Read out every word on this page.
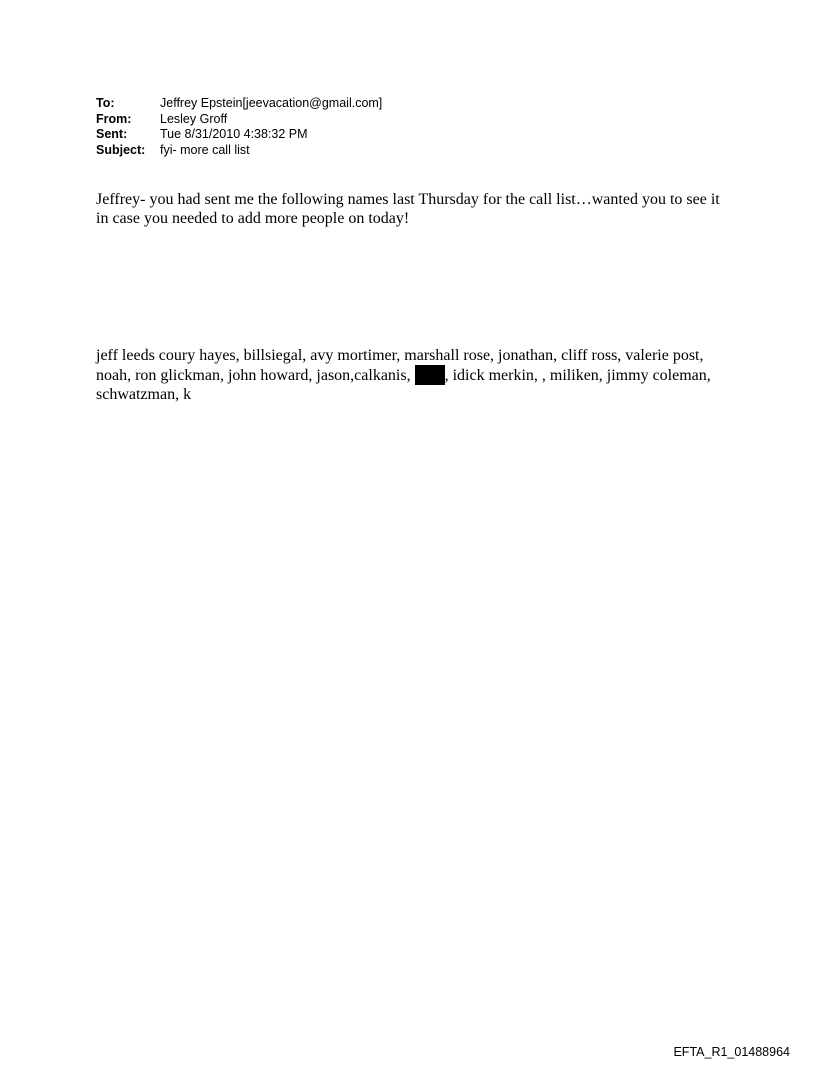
To:	Jeffrey Epstein[jeevacation@gmail.com]
From:	Lesley Groff
Sent:	Tue 8/31/2010 4:38:32 PM
Subject:	fyi- more call list
Jeffrey- you had sent me the following names last Thursday for the call list…wanted you to see it in case you needed to add more people on today!
jeff leeds coury hayes, billsiegal, avy mortimer, marshall rose, jonathan, cliff ross, valerie post, noah, ron glickman, john howard, jason,calkanis, , idick merkin, , miliken, jimmy coleman, schwatzman, k
EFTA_R1_01488964
